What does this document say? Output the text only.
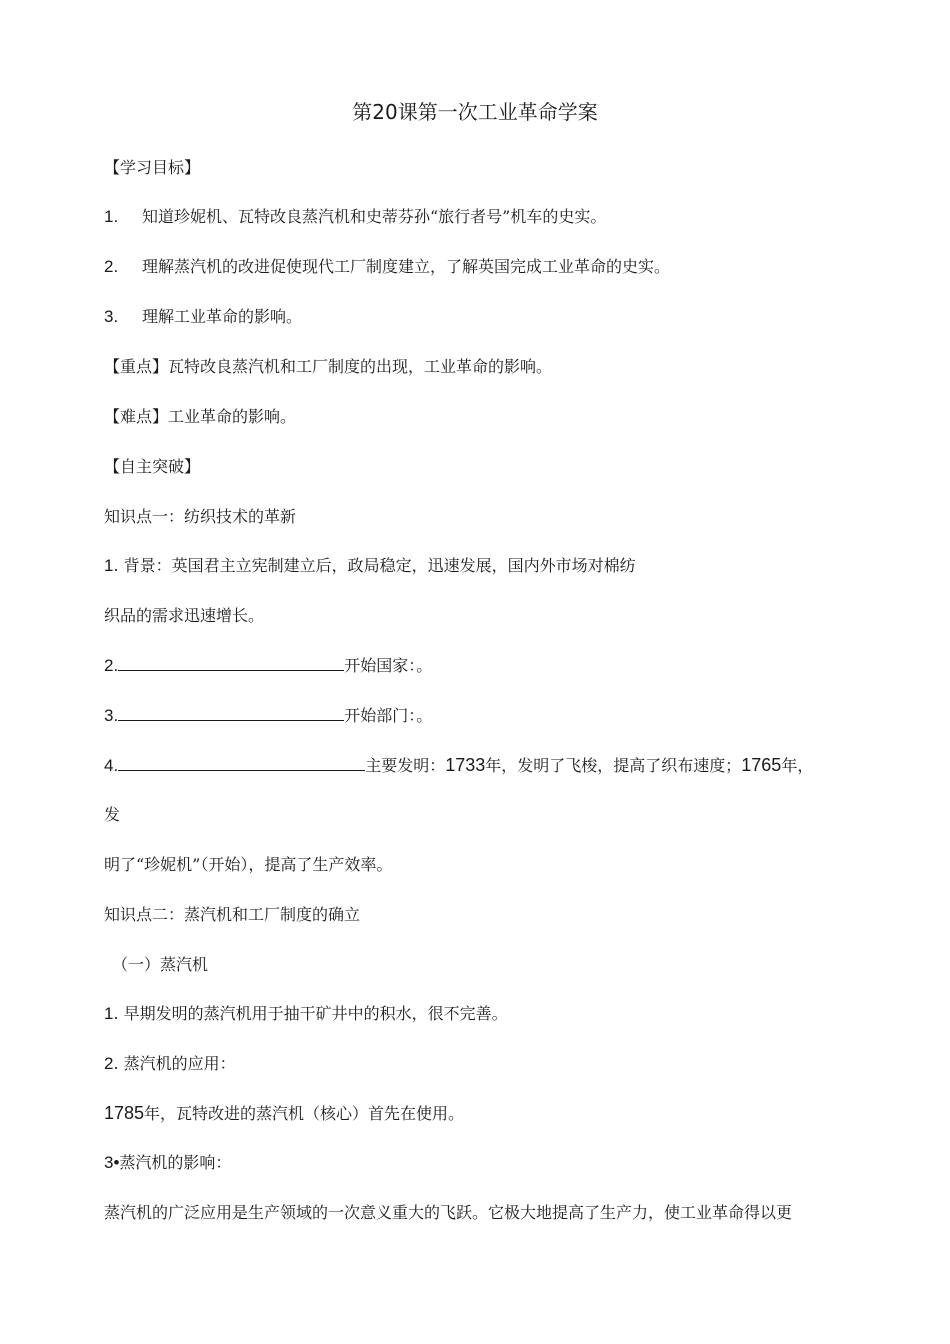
第20课第一次工业革命学案
【学习目标】
1. 知道珍妮机、瓦特改良蒸汽机和史蒂芬孙“旅行者号”机车的史实。
2. 理解蒸汽机的改进促使现代工厂制度建立，了解英国完成工业革命的史实。
3. 理解工业革命的影响。
【重点】瓦特改良蒸汽机和工厂制度的出现，工业革命的影响。
【难点】工业革命的影响。
【自主突破】
知识点一：纺织技术的革新
1. 背景：英国君主立宪制建立后，政局稳定，迅速发展，国内外市场对棉纺
织品的需求迅速增长。
2.	开始国家：。
3.	开始部门：。
4.	主要发明：1733年，发明了飞梭，提高了织布速度；1765年，
发
明了“珍妮机”（开始），提高了生产效率。
知识点二：蒸汽机和工厂制度的确立
（一）蒸汽机
1. 早期发明的蒸汽机用于抽干矿井中的积水，很不完善。
2. 蒸汽机的应用：
1785年，瓦特改进的蒸汽机（核心）首先在使用。
3•蒸汽机的影响：
蒸汽机的广泛应用是生产领域的一次意义重大的飞跃。它极大地提高了生产力，使工业革命得以更
